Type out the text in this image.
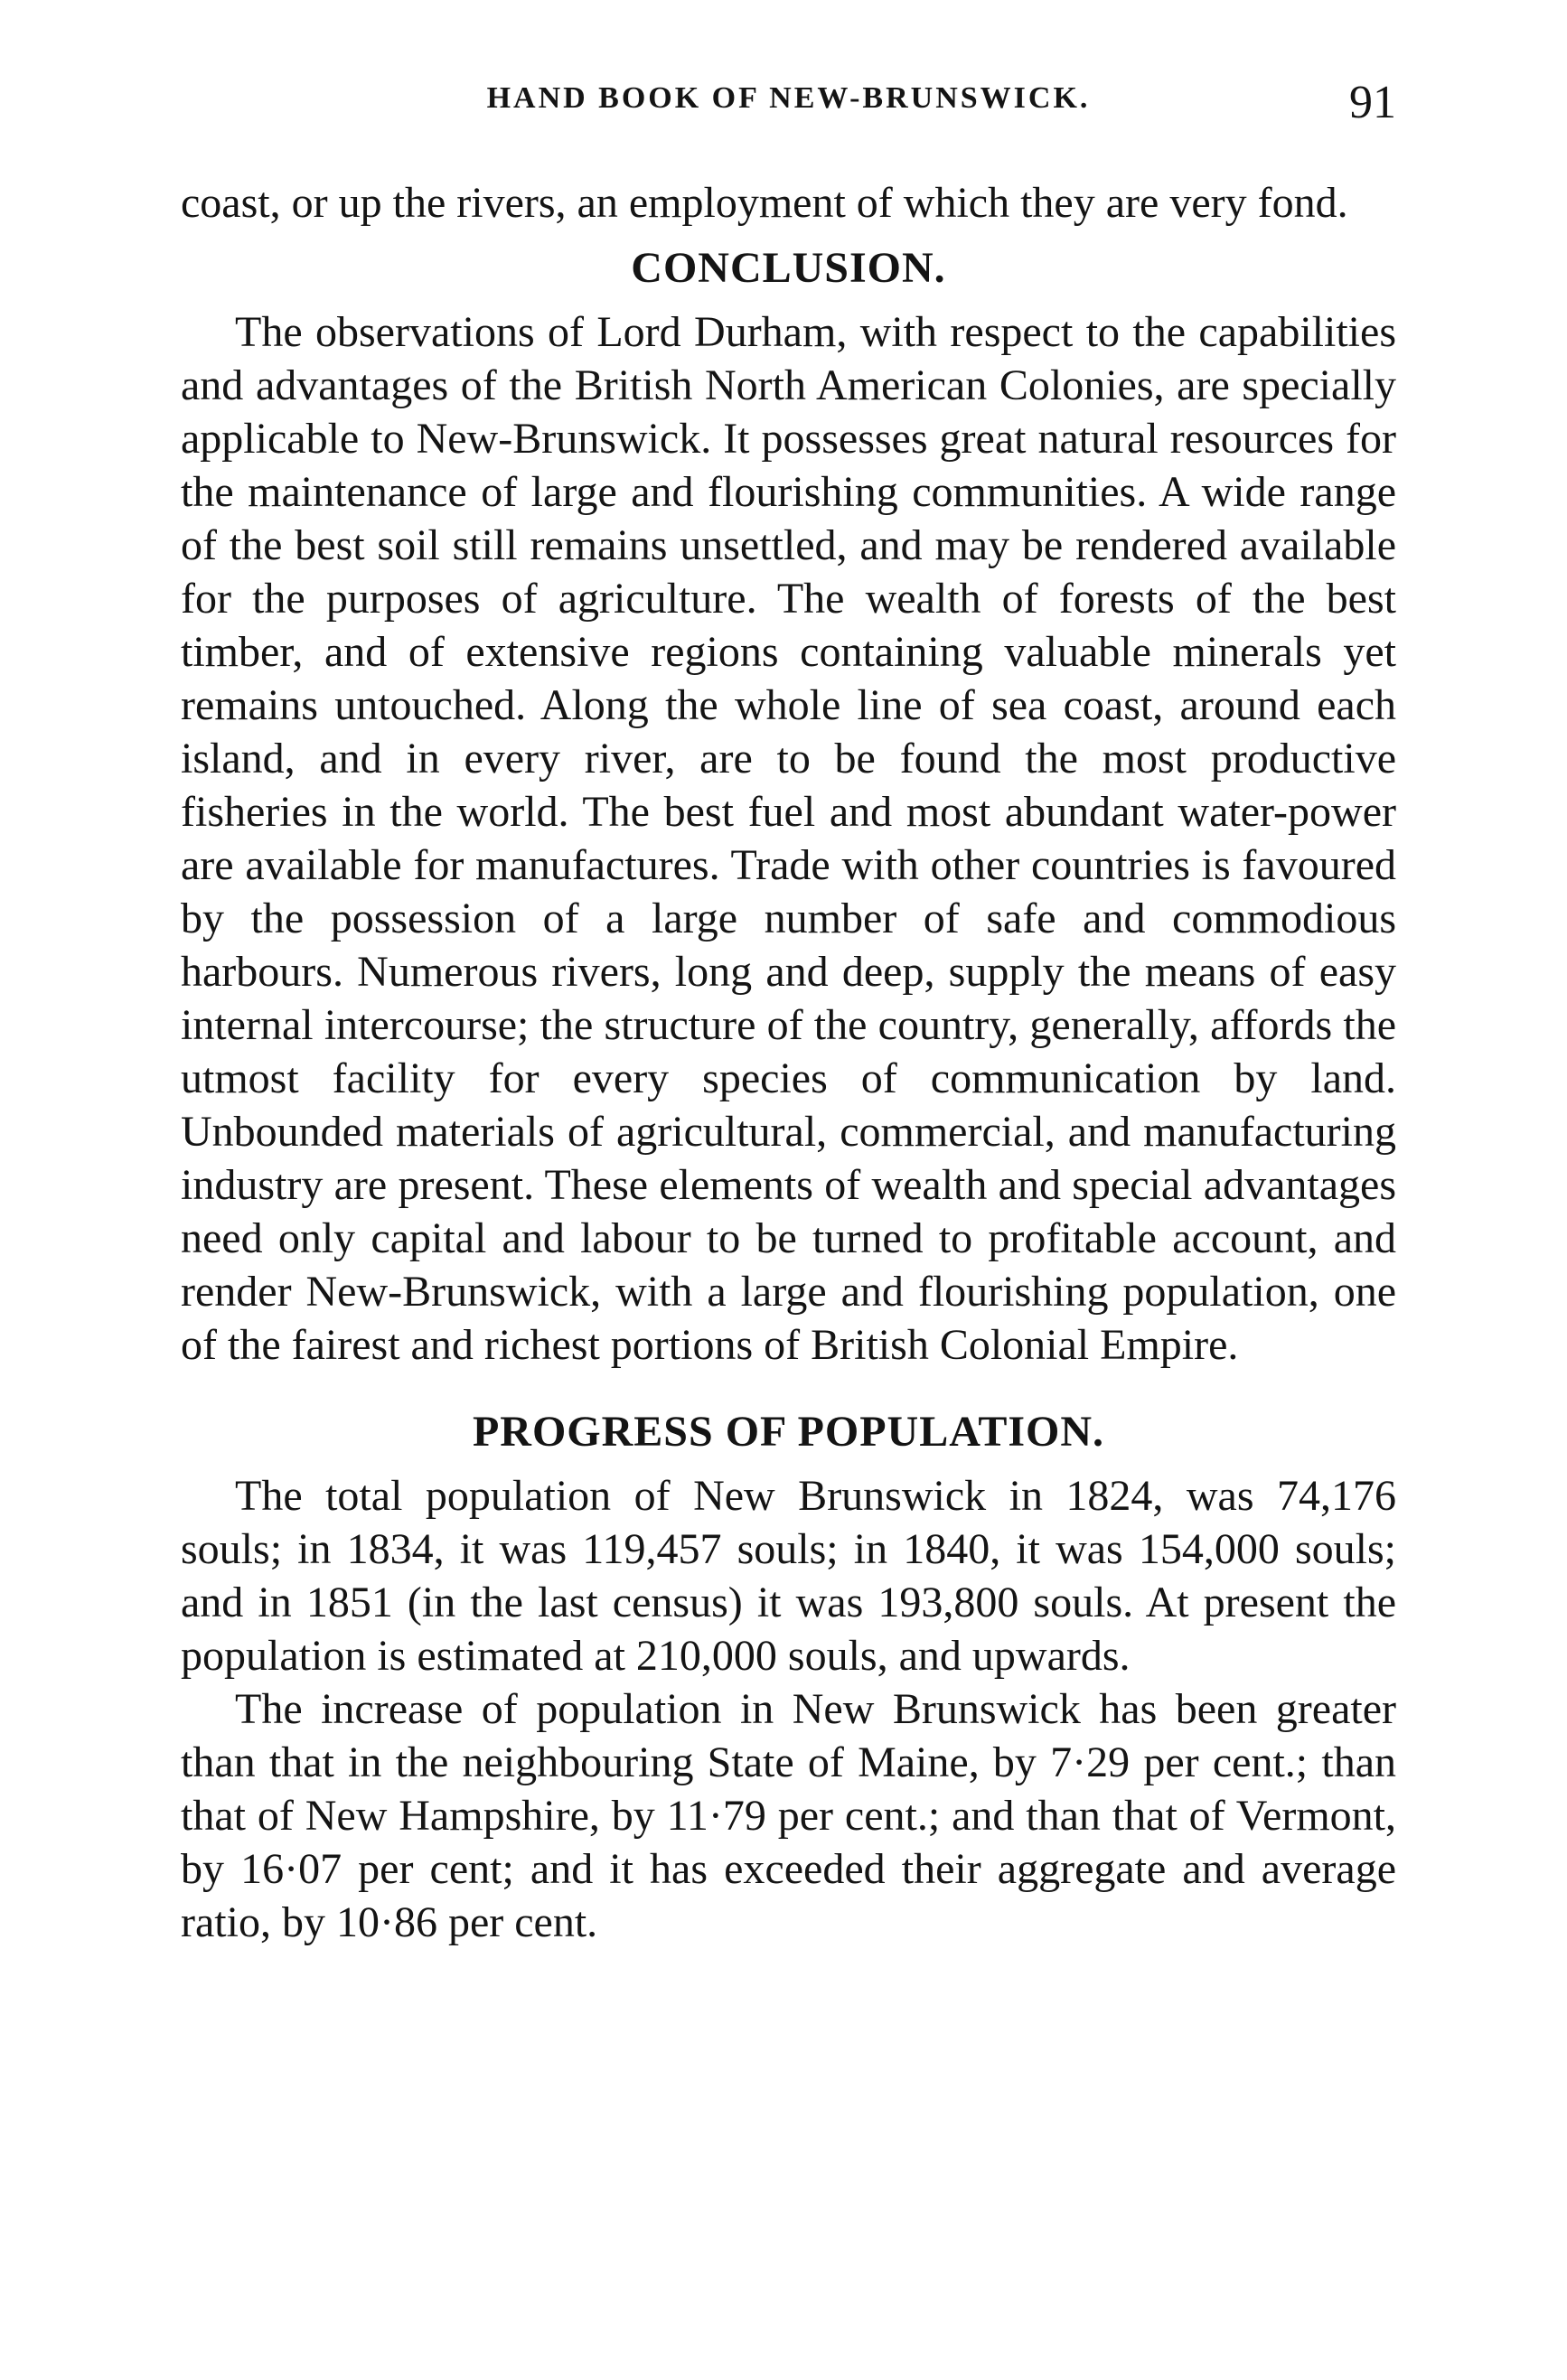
HAND BOOK OF NEW-BRUNSWICK.	91

coast, or up the rivers, an employment of which they are very fond.

CONCLUSION.

The observations of Lord Durham, with respect to the capabilities and advantages of the British North American Colonies, are specially applicable to New-Brunswick. It possesses great natural resources for the maintenance of large and flourishing communities. A wide range of the best soil still remains unsettled, and may be rendered available for the purposes of agriculture. The wealth of forests of the best timber, and of extensive regions containing valuable minerals yet remains untouched. Along the whole line of sea coast, around each island, and in every river, are to be found the most productive fisheries in the world. The best fuel and most abundant water-power are available for manufactures. Trade with other countries is favoured by the possession of a large number of safe and commodious harbours. Numerous rivers, long and deep, supply the means of easy internal intercourse; the structure of the country, generally, affords the utmost facility for every species of communication by land. Unbounded materials of agricultural, commercial, and manufacturing industry are present. These elements of wealth and special advantages need only capital and labour to be turned to profitable account, and render New-Brunswick, with a large and flourishing population, one of the fairest and richest portions of British Colonial Empire.

PROGRESS OF POPULATION.

The total population of New Brunswick in 1824, was 74,176 souls; in 1834, it was 119,457 souls; in 1840, it was 154,000 souls; and in 1851 (in the last census) it was 193,800 souls. At present the population is estimated at 210,000 souls, and upwards.

The increase of population in New Brunswick has been greater than that in the neighbouring State of Maine, by 7·29 per cent.; than that of New Hampshire, by 11·79 per cent.; and than that of Vermont, by 16·07 per cent; and it has exceeded their aggregate and average ratio, by 10·86 per cent.
